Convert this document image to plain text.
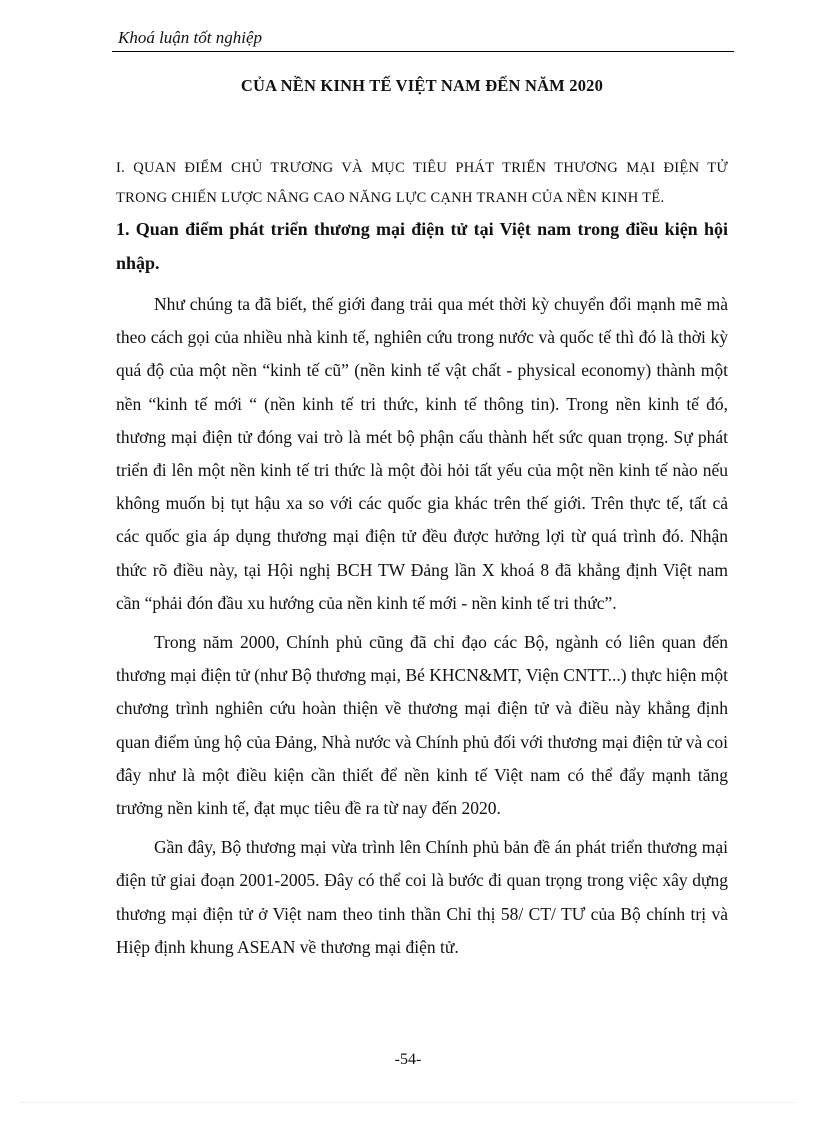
Khoá luận tốt nghiệp

CỦA NỀN KINH TẾ VIỆT NAM ĐẾN NĂM 2020

I. QUAN ĐIỂM CHỦ TRƯƠNG VÀ MỤC TIÊU PHÁT TRIỂN THƯƠNG MẠI ĐIỆN TỬ

TRONG CHIẾN LƯỢC NÂNG CAO NĂNG LỰC CẠNH TRANH CỦA NỀN KINH TẾ.

1. Quan điểm phát triển thương mại điện tử tại Việt nam trong điều kiện hội nhập.

Như chúng ta đã biết, thế giới đang trải qua mét thời kỳ chuyển đổi mạnh mẽ mà theo cách gọi của nhiều nhà kinh tế, nghiên cứu trong nước và quốc tế thì đó là thời kỳ quá độ của một nền “kinh tế cũ” (nền kinh tế vật chất - physical economy) thành một nền “kinh tế mới “ (nền kinh tế tri thức, kinh tế thông tin). Trong nền kinh tế đó, thương mại điện tử đóng vai trò là mét bộ phận cấu thành hết sức quan trọng. Sự phát triển đi lên một nền kinh tế tri thức là một đòi hỏi tất yếu của một nền kinh tế nào nếu không muốn bị tụt hậu xa so với các quốc gia khác trên thế giới. Trên thực tế, tất cả các quốc gia áp dụng thương mại điện tử đều được hưởng lợi từ quá trình đó. Nhận thức rõ điều này, tại Hội nghị BCH TW Đảng lần X khoá 8 đã khẳng định Việt nam cần “phải đón đầu xu hướng của nền kinh tế mới - nền kinh tế tri thức”.

Trong năm 2000, Chính phủ cũng đã chỉ đạo các Bộ, ngành có liên quan đến thương mại điện tử (như Bộ thương mại, Bé KHCN&MT, Viện CNTT...) thực hiện một chương trình nghiên cứu hoàn thiện về thương mại điện tử và điều này khẳng định quan điểm ủng hộ của Đảng, Nhà nước và Chính phủ đối với thương mại điện tử và coi đây như là một điều kiện cần thiết để nền kinh tế Việt nam có thể đẩy mạnh tăng trưởng nền kinh tế, đạt mục tiêu đề ra từ nay đến 2020.

Gần đây, Bộ thương mại vừa trình lên Chính phủ bản đề án phát triển thương mại điện tử giai đoạn 2001-2005. Đây có thể coi là bước đi quan trọng trong việc xây dựng thương mại điện tử ở Việt nam theo tinh thần Chỉ thị 58/ CT/ TƯ của Bộ chính trị và Hiệp định khung ASEAN về thương mại điện tử.

-54-
